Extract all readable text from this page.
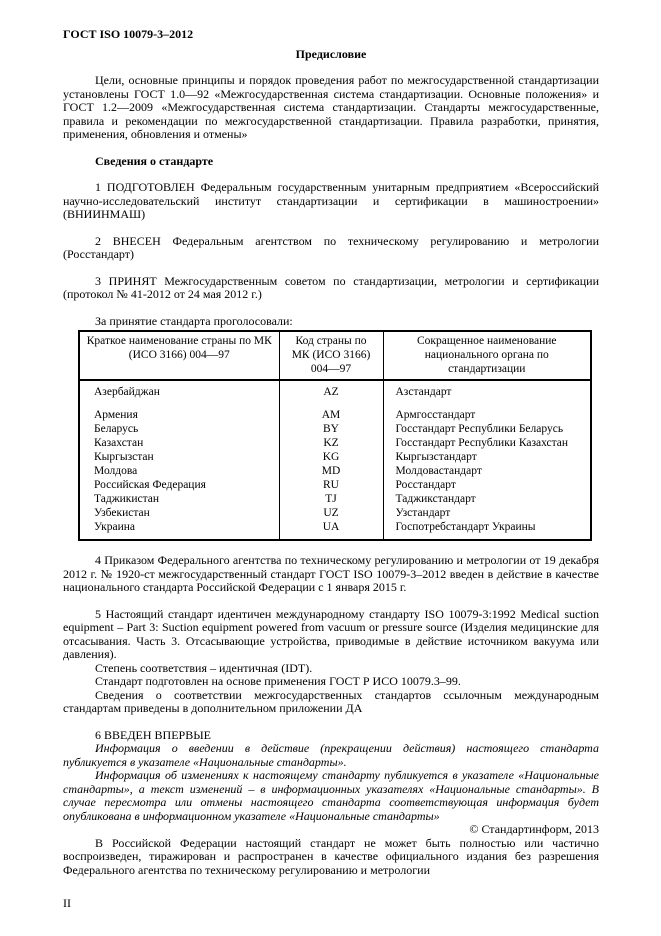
ГОСТ ISO 10079-3–2012

Предисловие

Цели, основные принципы и порядок проведения работ по межгосударственной стандартизации установлены ГОСТ 1.0—92 «Межгосударственная система стандартизации. Основные положения» и ГОСТ 1.2—2009 «Межгосударственная система стандартизации. Стандарты межгосударственные, правила и рекомендации по межгосударственной стандартизации. Правила разработки, принятия, применения, обновления и отмены»

Сведения о стандарте

1 ПОДГОТОВЛЕН Федеральным государственным унитарным предприятием «Всероссийский научно-исследовательский институт стандартизации и сертификации в машиностроении» (ВНИИНМАШ)

2 ВНЕСЕН Федеральным агентством по техническому регулированию и метрологии (Росстандарт)

3 ПРИНЯТ Межгосударственным советом по стандартизации, метрологии и сертификации (протокол № 41-2012 от 24 мая 2012 г.)

За принятие стандарта проголосовали:

Краткое наименование страны по МК (ИСО 3166) 004—97	Код страны по МК (ИСО 3166) 004—97	Сокращенное наименование национального органа по стандартизации
Азербайджан	AZ	Азстандарт
Армения	AM	Армгосстандарт
Беларусь	BY	Госстандарт Республики Беларусь
Казахстан	KZ	Госстандарт Республики Казахстан
Кыргызстан	KG	Кыргызстандарт
Молдова	MD	Молдовастандарт
Российская Федерация	RU	Росстандарт
Таджикистан	TJ	Таджикстандарт
Узбекистан	UZ	Узстандарт
Украина	UA	Госпотребстандарт Украины

4 Приказом Федерального агентства по техническому регулированию и метрологии от 19 декабря 2012 г. № 1920-ст межгосударственный стандарт ГОСТ ISO 10079-3–2012 введен в действие в качестве национального стандарта Российской Федерации с 1 января 2015 г.

5 Настоящий стандарт идентичен международному стандарту ISO 10079-3:1992 Medical suction equipment – Part 3: Suction equipment powered from vacuum or pressure source (Изделия медицинские для отсасывания. Часть 3. Отсасывающие устройства, приводимые в действие источником вакуума или давления).

Степень соответствия – идентичная (IDT).

Стандарт подготовлен на основе применения ГОСТ Р ИСО 10079.3–99.

Сведения о соответствии межгосударственных стандартов ссылочным международным стандартам приведены в дополнительном приложении ДА

6 ВВЕДЕН ВПЕРВЫЕ

Информация о введении в действие (прекращении действия) настоящего стандарта публикуется в указателе «Национальные стандарты».

Информация об изменениях к настоящему стандарту публикуется в указателе «Национальные стандарты», а текст изменений – в информационных указателях «Национальные стандарты». В случае пересмотра или отмены настоящего стандарта соответствующая информация будет опубликована в информационном указателе «Национальные стандарты»

© Стандартинформ, 2013

В Российской Федерации настоящий стандарт не может быть полностью или частично воспроизведен, тиражирован и распространен в качестве официального издания без разрешения Федерального агентства по техническому регулированию и метрологии

II
